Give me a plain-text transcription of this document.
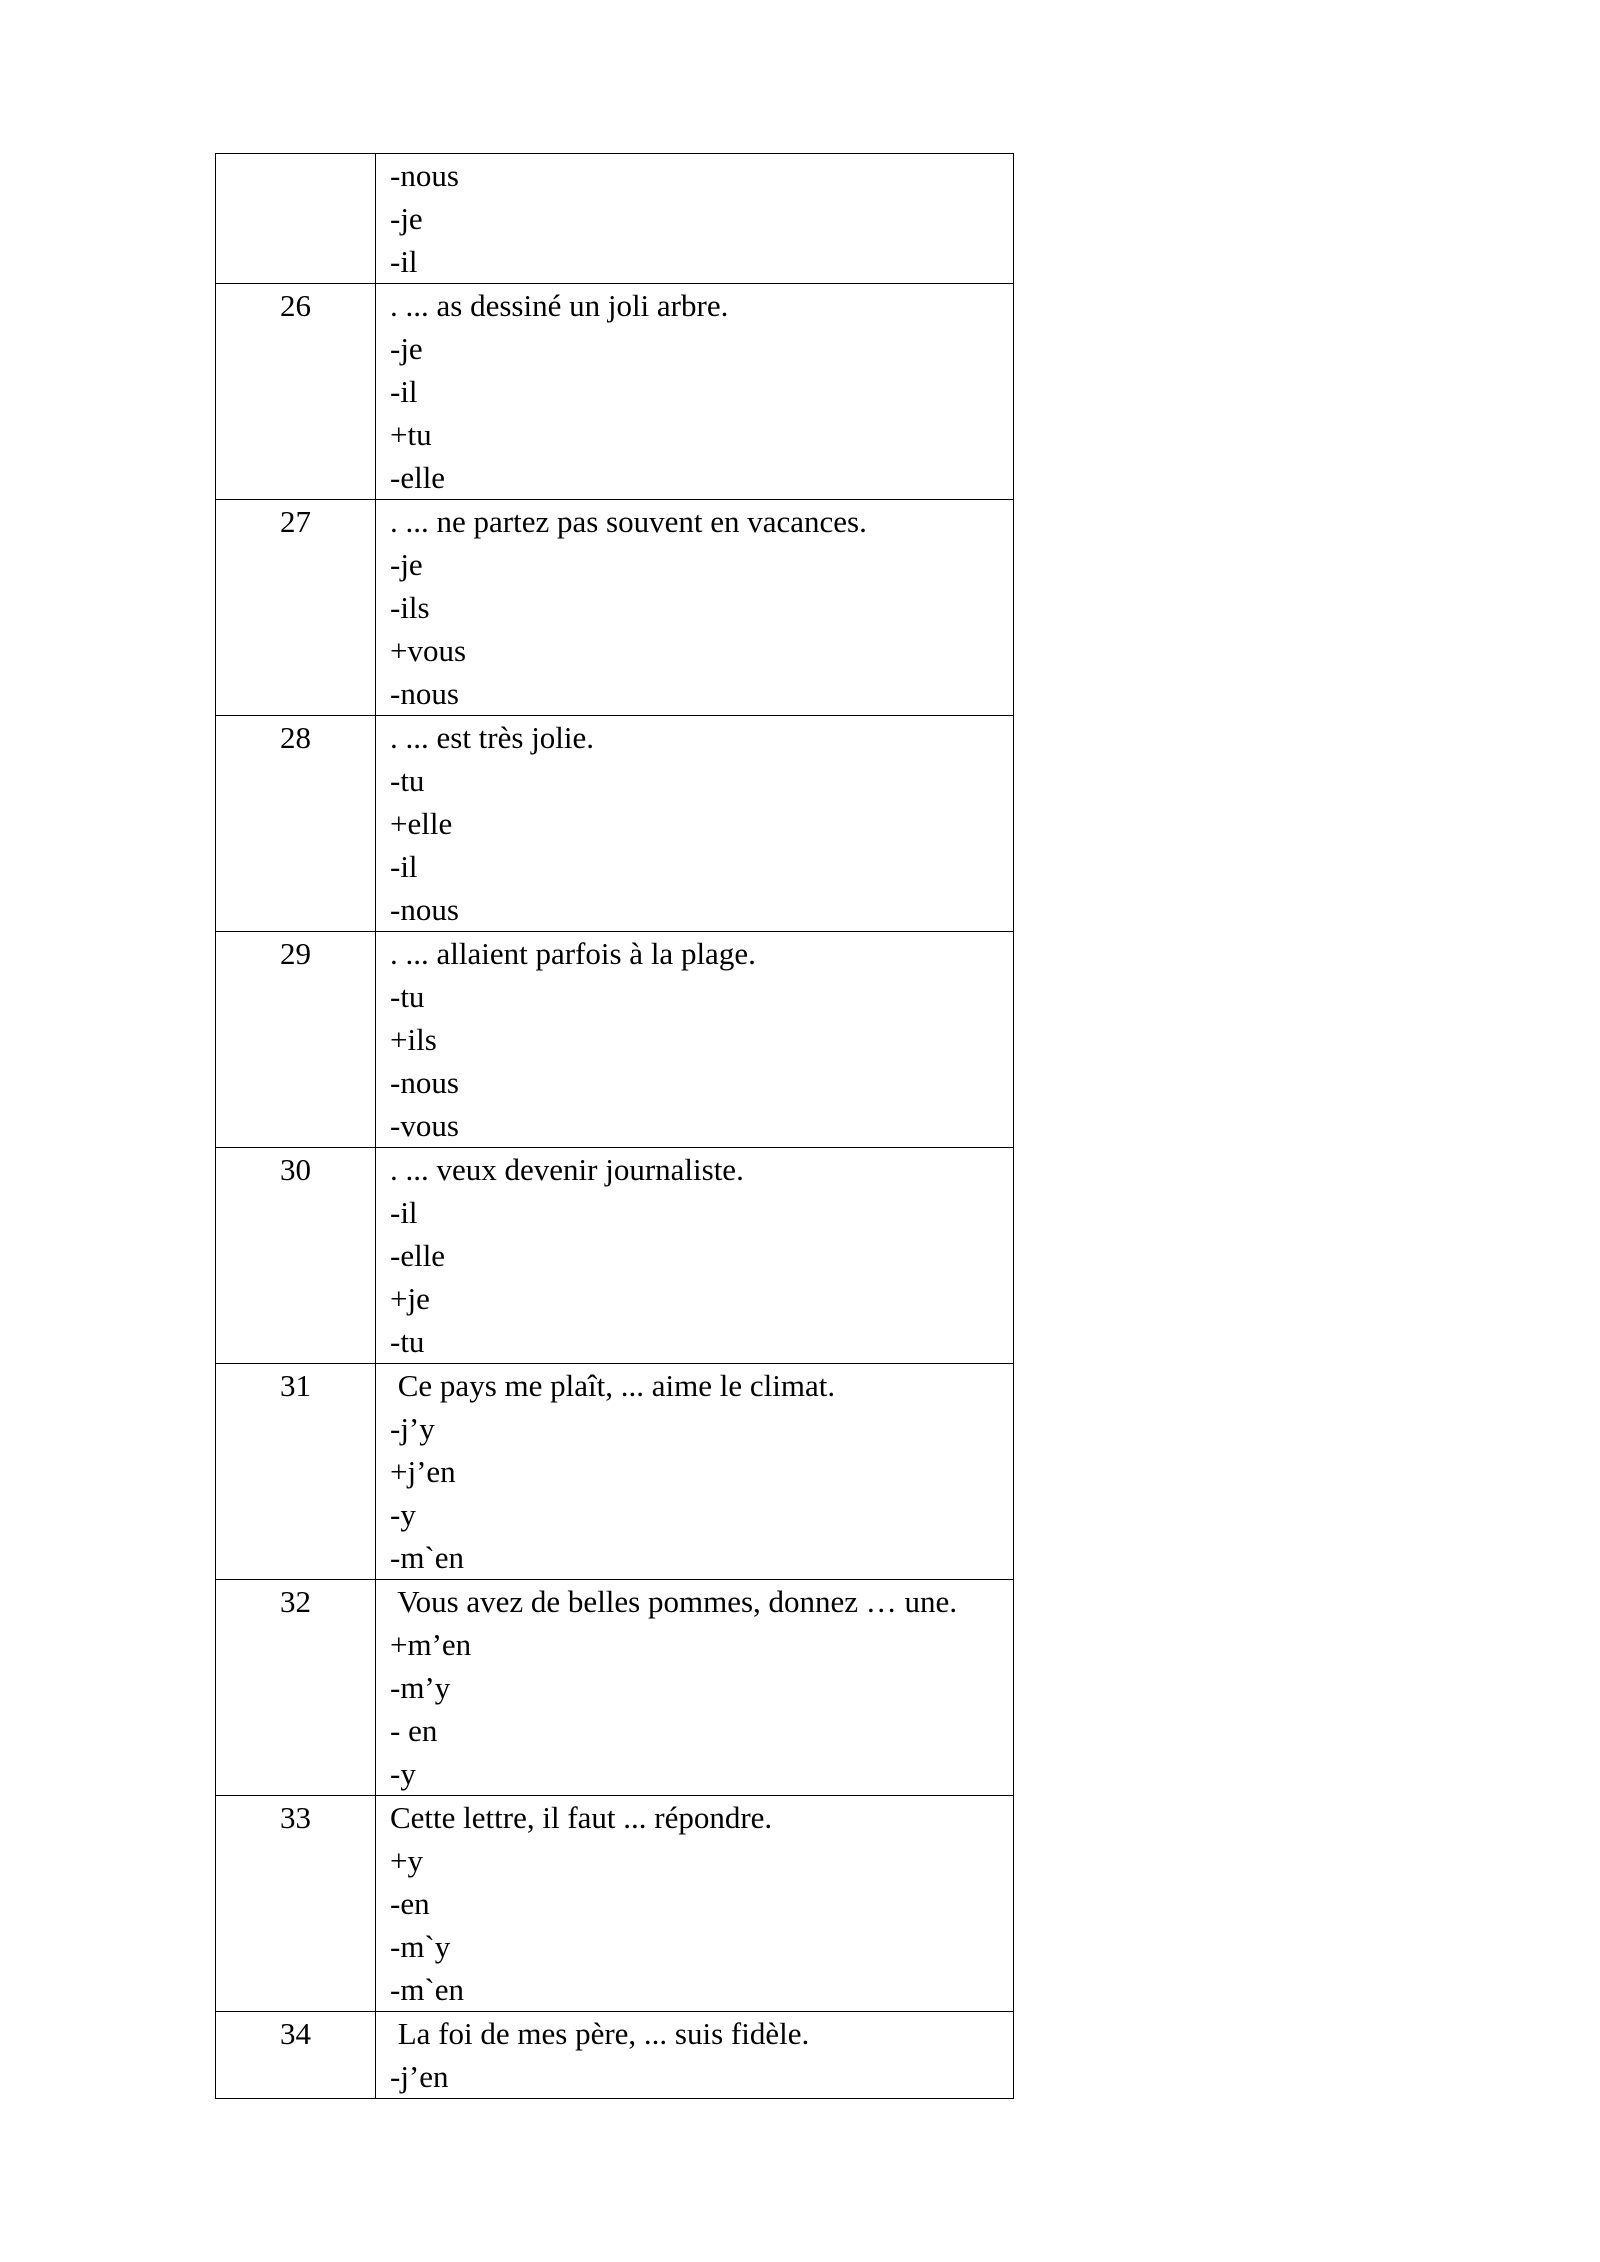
	-nous
-je
-il

26	. ... as dessiné un joli arbre.
-je
-il
+tu
-elle

27	. ... ne partez pas souvent en vacances.
-je
-ils
+vous
-nous

28	. ... est très jolie.
-tu
+elle
-il
-nous

29	. ... allaient parfois à la plage.
-tu
+ils
-nous
-vous

30	. ... veux devenir journaliste.
-il
-elle
+je
-tu

31	Ce pays me plaît, ... aime le climat.
-j’y
+j’en
-y
-m`en

32	Vous avez de belles pommes, donnez … une.
+m’en
-m’y
- en
-y

33	Cette lettre, il faut ... répondre.
+y
-en
-m`y
-m`en

34	La foi de mes père, ... suis fidèle.
-j’en
